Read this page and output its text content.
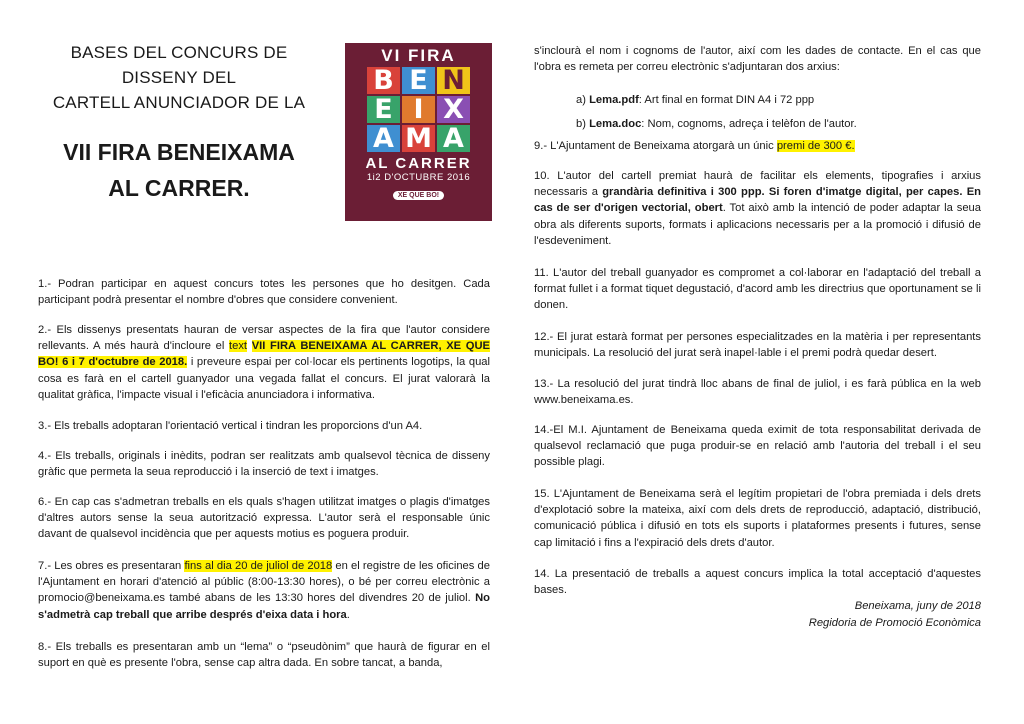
BASES DEL CONCURS DE
DISSENY DEL
CARTELL ANUNCIADOR DE LA
VII FIRA BENEIXAMA
AL CARRER.
VI FIRA
B E N
E I X
A M A
AL CARRER
1i2 D'OCTUBRE 2016
XE QUE BO!

1.- Podran participar en aquest concurs totes les persones que ho desitgen. Cada participant podrà presentar el nombre d'obres que considere convenient.

2.- Els dissenys presentats hauran de versar aspectes de la fira que l'autor considere rellevants. A més haurà d'incloure el text VII FIRA BENEIXAMA AL CARRER, XE QUE BO! 6 i 7 d'octubre de 2018. i preveure espai per col·locar els pertinents logotips, la qual cosa es farà en el cartell guanyador una vegada fallat el concurs. El jurat valorarà la qualitat gràfica, l'impacte visual i l'eficàcia anunciadora i informativa.

3.- Els treballs adoptaran l'orientació vertical i tindran les proporcions d'un A4.

4.- Els treballs, originals i inèdits, podran ser realitzats amb qualsevol tècnica de disseny gràfic que permeta la seua reproducció i la inserció de text i imatges.

6.- En cap cas s'admetran treballs en els quals s'hagen utilitzat imatges o plagis d'imatges d'altres autors sense la seua autorització expressa. L'autor serà el responsable únic davant de qualsevol incidència que per aquests motius es poguera produir.

7.- Les obres es presentaran fins al dia 20 de juliol de 2018 en el registre de les oficines de l'Ajuntament en horari d'atenció al públic (8:00-13:30 hores), o bé per correu electrònic a promocio@beneixama.es també abans de les 13:30 hores del divendres 20 de juliol. No s'admetrà cap treball que arribe després d'eixa data i hora.

8.- Els treballs es presentaran amb un “lema” o “pseudònim” que haurà de figurar en el suport en què es presente l'obra, sense cap altra dada. En sobre tancat, a banda,

s'inclourà el nom i cognoms de l'autor, així com les dades de contacte. En el cas que l'obra es remeta per correu electrònic s'adjuntaran dos arxius:

a) Lema.pdf: Art final en format DIN A4 i 72 ppp
b) Lema.doc: Nom, cognoms, adreça i telèfon de l'autor.

9.- L'Ajuntament de Beneixama atorgarà un únic premi de 300 €.

10. L'autor del cartell premiat haurà de facilitar els elements, tipografies i arxius necessaris a grandària definitiva i 300 ppp. Si foren d'imatge digital, per capes. En cas de ser d'origen vectorial, obert. Tot això amb la intenció de poder adaptar la seua obra als diferents suports, formats i aplicacions necessaris per a la promoció i difusió de l'esdeveniment.

11. L'autor del treball guanyador es compromet a col·laborar en l'adaptació del treball a format fullet i a format tiquet degustació, d'acord amb les directrius que oportunament se li donen.

12.- El jurat estarà format per persones especialitzades en la matèria i per representants municipals. La resolució del jurat serà inapel·lable i el premi podrà quedar desert.

13.- La resolució del jurat tindrà lloc abans de final de juliol, i es farà pública en la web www.beneixama.es.

14.-El M.I. Ajuntament de Beneixama queda eximit de tota responsabilitat derivada de qualsevol reclamació que puga produir-se en relació amb l'autoria del treball i el seu possible plagi.

15. L'Ajuntament de Beneixama serà el legítim propietari de l'obra premiada i dels drets d'explotació sobre la mateixa, així com dels drets de reproducció, adaptació, distribució, comunicació pública i difusió en tots els suports i plataformes presents i futures, sense cap limitació i fins a l'expiració dels drets d'autor.

14. La presentació de treballs a aquest concurs implica la total acceptació d'aquestes bases.

Beneixama, juny de 2018
Regidoria de Promoció Econòmica
